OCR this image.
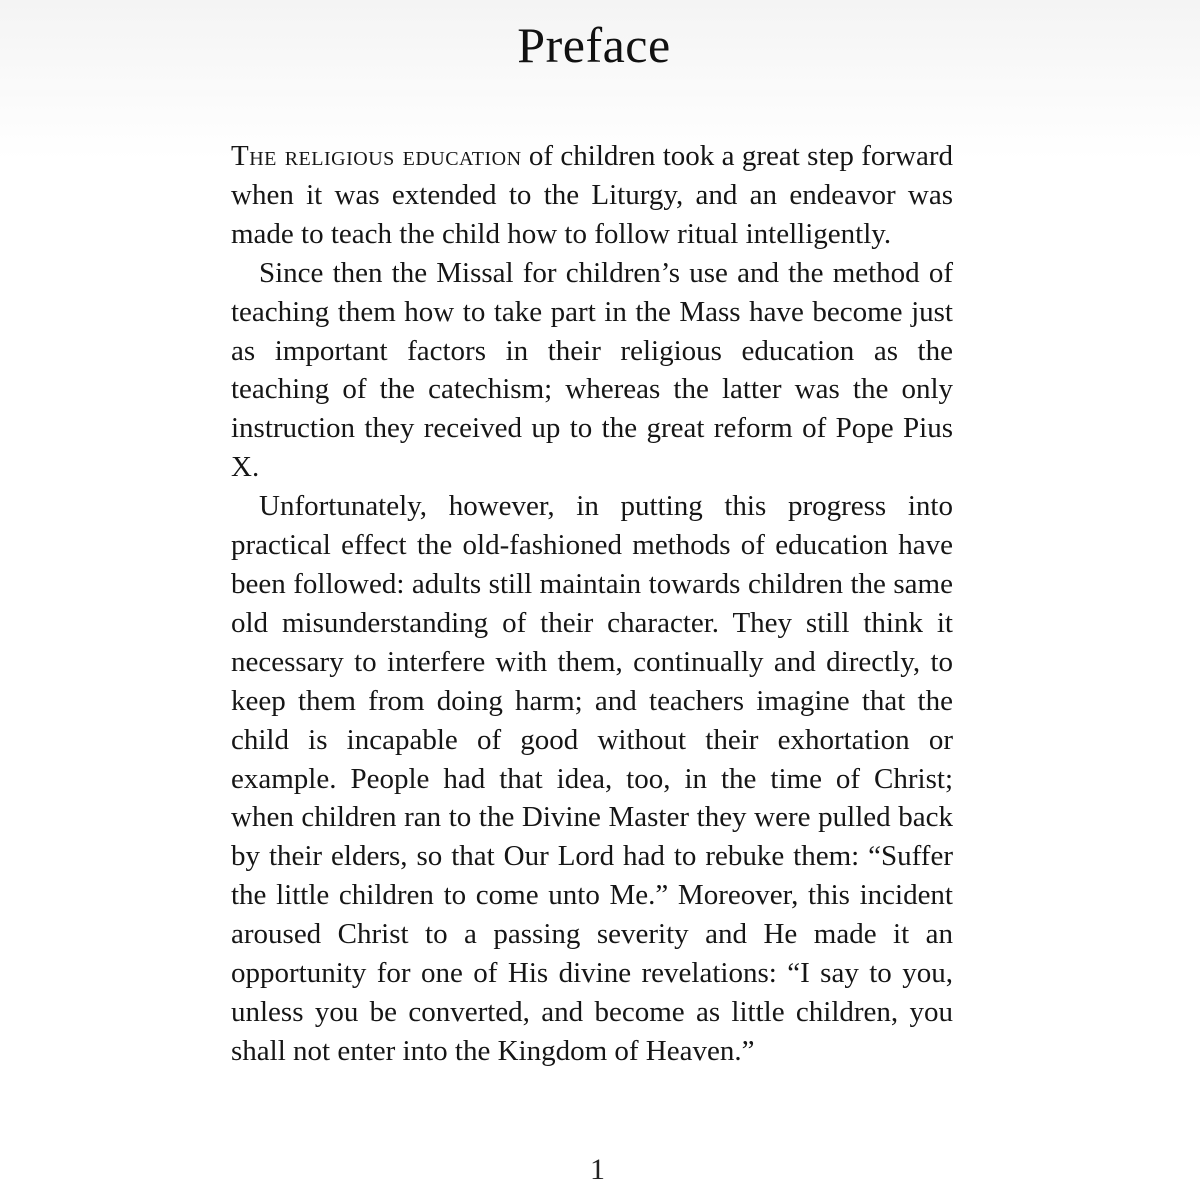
Preface

The religious education of children took a great step forward when it was extended to the Liturgy, and an endeavor was made to teach the child how to follow ritual intelligently.

Since then the Missal for children’s use and the method of teaching them how to take part in the Mass have become just as important factors in their religious education as the teaching of the catechism; whereas the latter was the only instruction they received up to the great reform of Pope Pius X.

Unfortunately, however, in putting this progress into practical effect the old-fashioned methods of education have been followed: adults still maintain towards children the same old misunderstanding of their character. They still think it necessary to interfere with them, continually and directly, to keep them from doing harm; and teachers imagine that the child is incapable of good without their exhortation or example. People had that idea, too, in the time of Christ; when children ran to the Divine Master they were pulled back by their elders, so that Our Lord had to rebuke them: “Suffer the little children to come unto Me.” Moreover, this incident aroused Christ to a passing severity and He made it an opportunity for one of His divine revelations: “I say to you, unless you be converted, and become as little children, you shall not enter into the Kingdom of Heaven.”

1
